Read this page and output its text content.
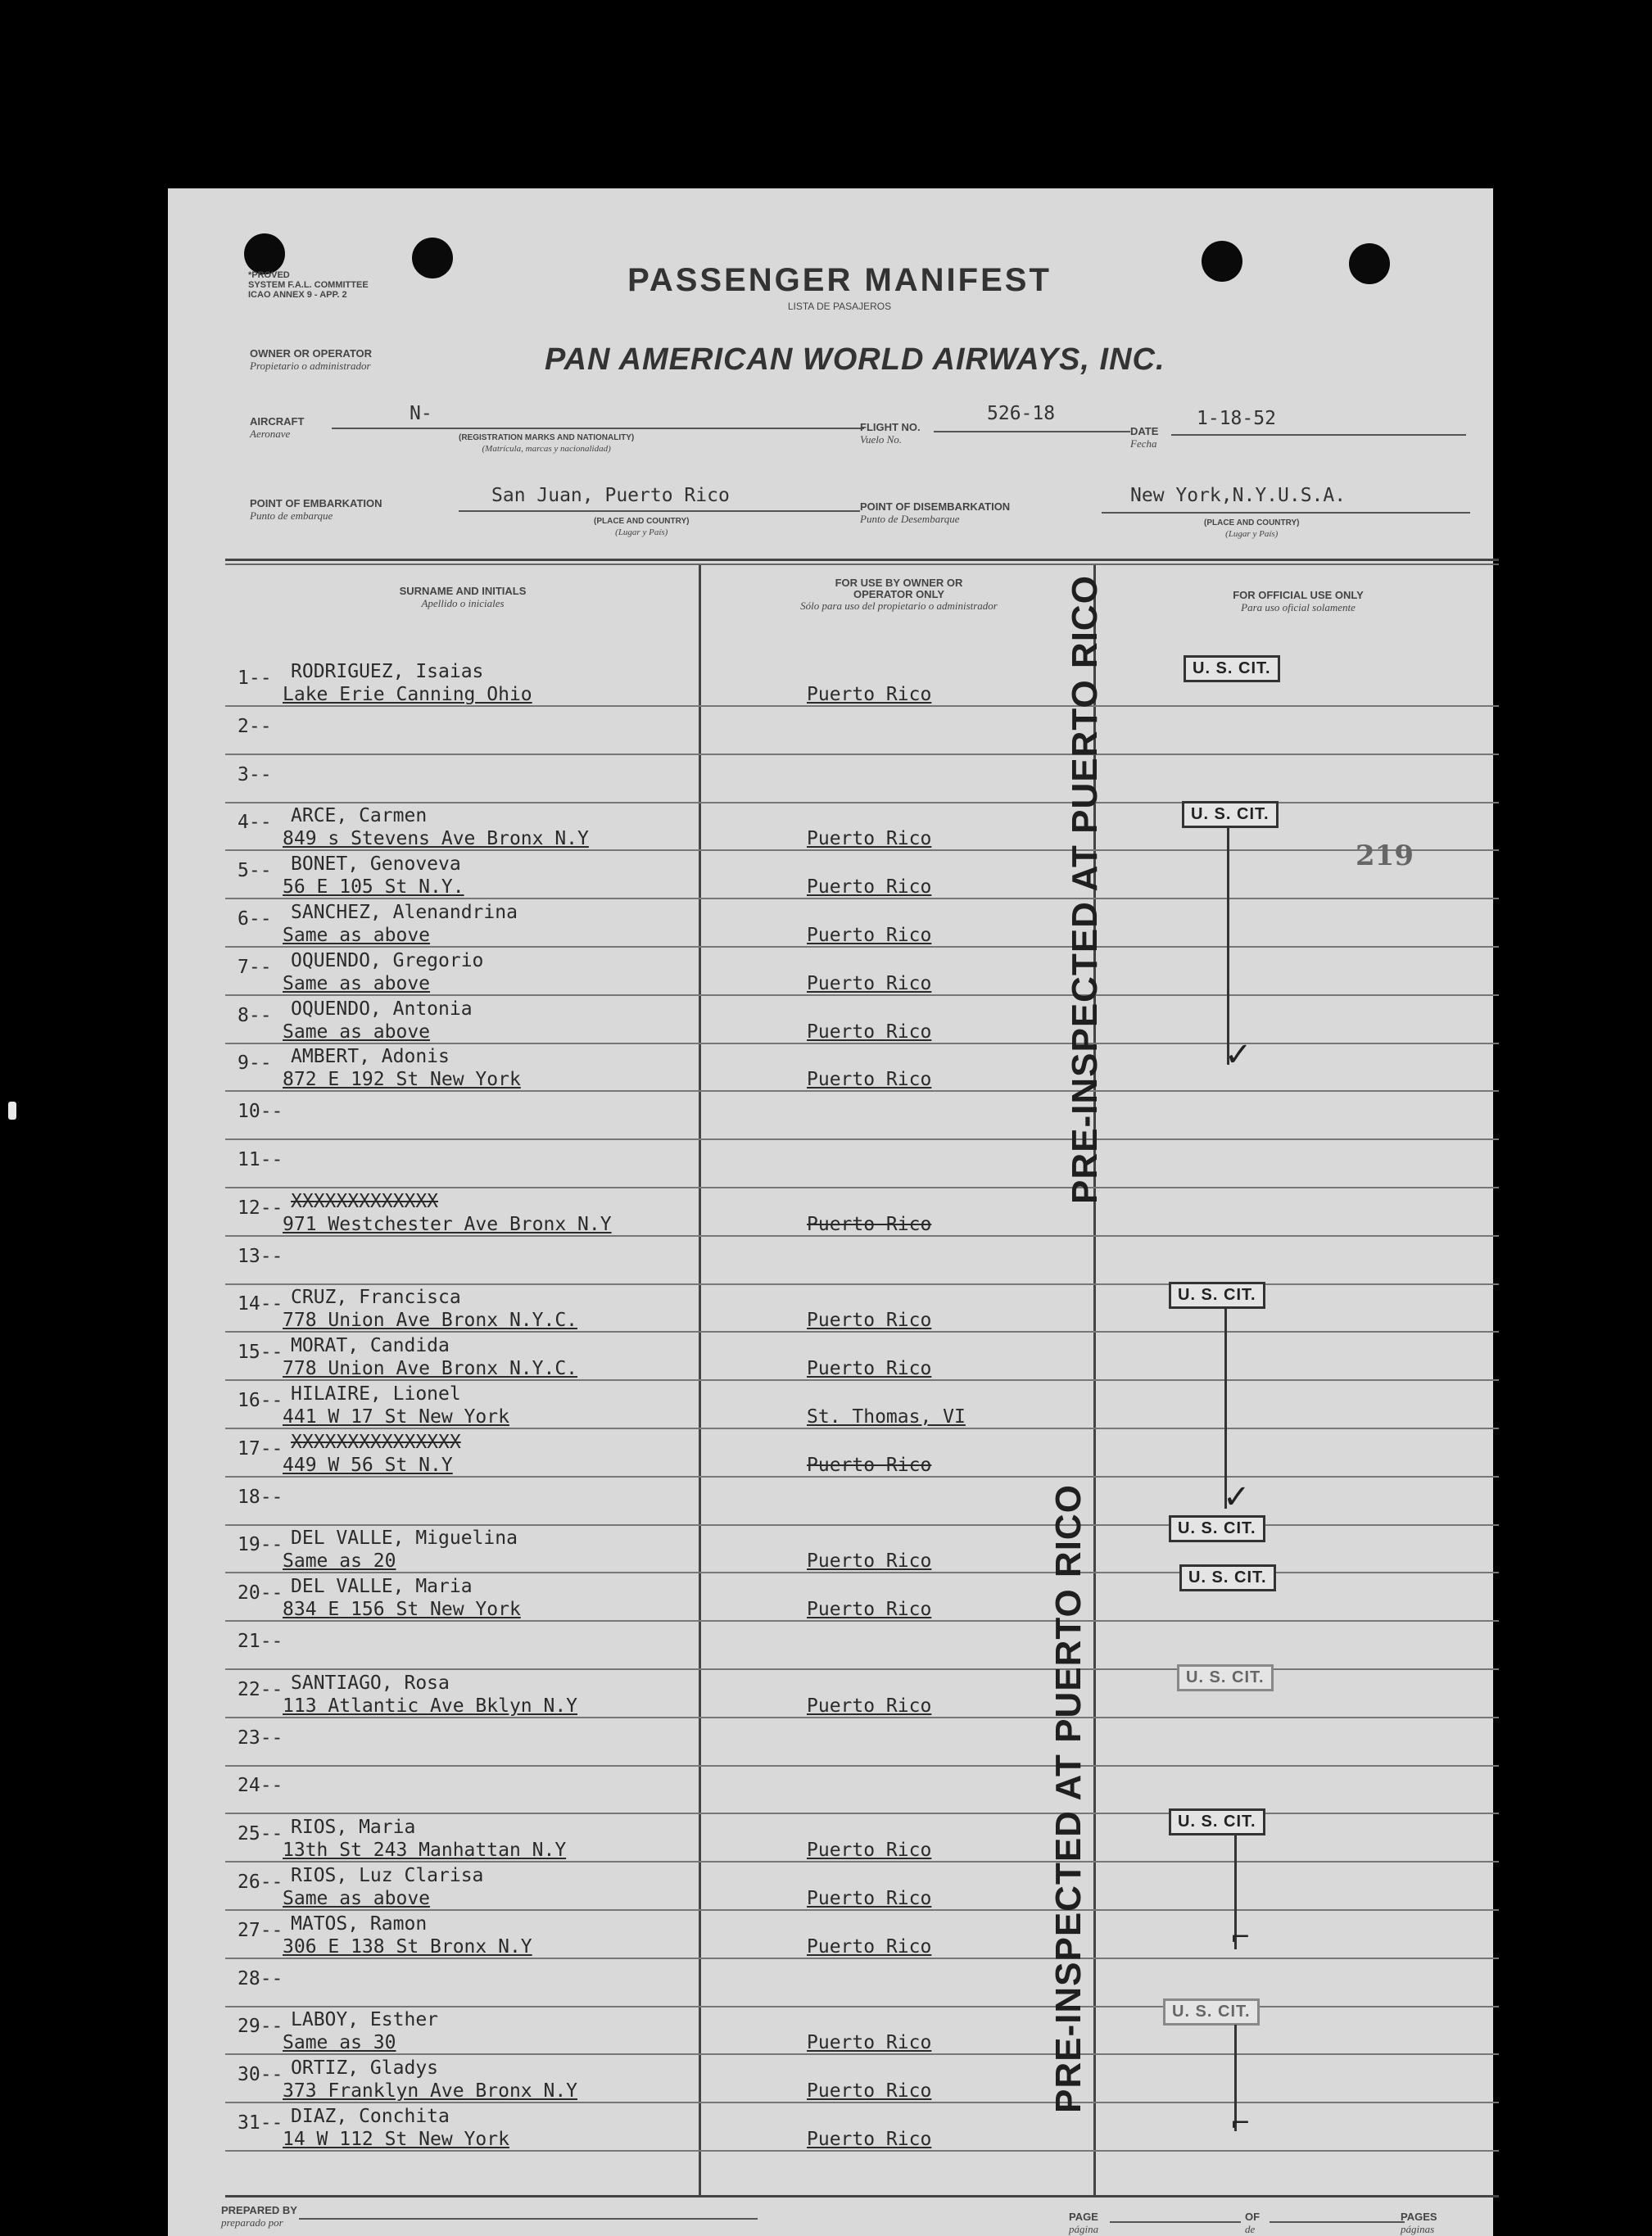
*PROVED
SYSTEM F.A.L. COMMITTEE
ICAO ANNEX 9 - APP. 2	PASSENGER MANIFEST
LISTA DE PASAJEROS
OWNER OR OPERATOR
Propietario o administrador	PAN AMERICAN WORLD AIRWAYS, INC.
AIRCRAFT
Aeronave
N-
(REGISTRATION MARKS AND NATIONALITY)
(Matrícula, marcas y nacionalidad)
FLIGHT NO.
Vuelo No.
526-18
DATE
Fecha
1-18-52
POINT OF EMBARKATION
Punto de embarque
San Juan, Puerto Rico
(PLACE AND COUNTRY)
(Lugar y País)
POINT OF DISEMBARKATION
Punto de Desembarque
New York,N.Y.U.S.A.
(PLACE AND COUNTRY)
(Lugar y País)
SURNAME AND INITIALS
Apellido o iniciales
FOR USE BY OWNER OR OPERATOR ONLY
Sólo para uso del propietario o administrador
FOR OFFICIAL USE ONLY
Para uso oficial solamente
1--	RODRIGUEZ, Isaias
Lake Erie Canning Ohio	Puerto Rico
2--
3--
4--	ARCE, Carmen
849 s Stevens Ave Bronx N.Y	Puerto Rico
5--	BONET, Genoveva
56 E 105 St N.Y.	Puerto Rico
6--	SANCHEZ, Alenandrina
Same as above	Puerto Rico
7--	OQUENDO, Gregorio
Same as above	Puerto Rico
8--	OQUENDO, Antonia
Same as above	Puerto Rico
9--	AMBERT, Adonis
872 E 192 St New York	Puerto Rico
10--
11--
12-- XXXXXXXXXXXXX
971 Westchester Ave Bronx N.Y	Puerto Rico
13--
14-- CRUZ, Francisca
778 Union Ave Bronx N.Y.C.	Puerto Rico
15-- MORAT, Candida
778 Union Ave Bronx N.Y.C.	Puerto Rico
16-- HILAIRE, Lionel
441 W 17 St New York	St. Thomas, VI
17-- XXXXXXXXXXXXXXX
449 W 56 St N.Y	Puerto Rico
18--
19-- DEL VALLE, Miguelina
Same as 20	Puerto Rico
20-- DEL VALLE, Maria
834 E 156 St New York	Puerto Rico
21--
22-- SANTIAGO, Rosa
113 Atlantic Ave Bklyn N.Y	Puerto Rico
23--
24--
25-- RIOS, Maria
13th St 243 Manhattan N.Y	Puerto Rico
26-- RIOS, Luz Clarisa
Same as above	Puerto Rico
27-- MATOS, Ramon
306 E 138 St Bronx N.Y	Puerto Rico
28--
29-- LABOY, Esther
Same as 30	Puerto Rico
30-- ORTIZ, Gladys
373 Franklyn Ave Bronx N.Y	Puerto Rico
31-- DIAZ, Conchita
14 W 112 St New York	Puerto Rico
PRE-INSPECTED AT PUERTO RICO
PRE-INSPECTED AT PUERTO RICO
U. S. CIT.
U. S. CIT.
U. S. CIT.
U. S. CIT.
U. S. CIT.
U. S. CIT.
U. S. CIT.
U. S. CIT.
✓
✓
⌐
⌐
219
PREPARED BY
preparado por	PAGE
página
OF
de
PAGES
páginas
